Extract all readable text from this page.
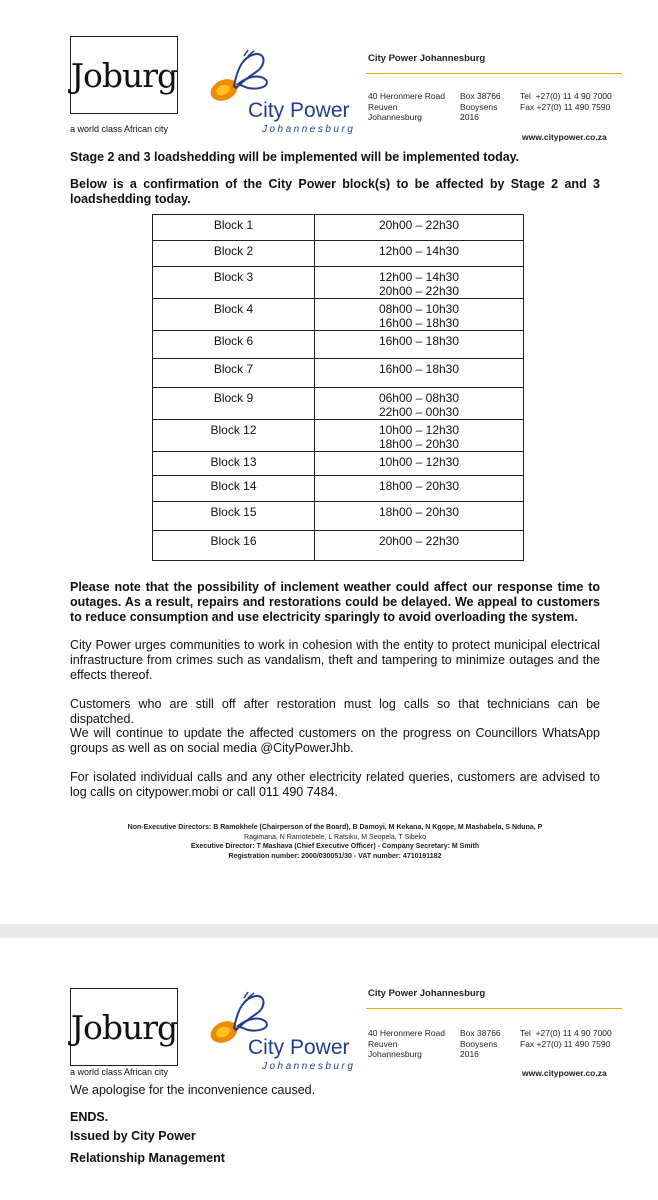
Joburg
a world class African city
City Power
Johannesburg
City Power Johannesburg
40 Heronmere Road
Reuven
Johannesburg
Box 38766
Booysens
2016
Tel  +27(0) 11 4 90 7000
Fax +27(0) 11 490 7590
www.citypower.co.za
Stage 2 and 3 loadshedding will be implemented will be implemented today.
Below is a confirmation of the City Power block(s) to be affected by Stage 2 and 3 loadshedding today.
Block 1	20h00 – 22h30
Block 2	12h00 – 14h30
Block 3	12h00 – 14h30
20h00 – 22h30
Block 4	08h00 – 10h30
16h00 – 18h30
Block 6	16h00 – 18h30
Block 7	16h00 – 18h30
Block 9	06h00 – 08h30
22h00 – 00h30
Block 12	10h00 – 12h30
18h00 – 20h30
Block 13	10h00 – 12h30
Block 14	18h00 – 20h30
Block 15	18h00 – 20h30
Block 16	20h00 – 22h30
Please note that the possibility of inclement weather could affect our response time to outages. As a result, repairs and restorations could be delayed. We appeal to customers to reduce consumption and use electricity sparingly to avoid overloading the system.
City Power urges communities to work in cohesion with the entity to protect municipal electrical infrastructure from crimes such as vandalism, theft and tampering to minimize outages and the effects thereof.
Customers who are still off after restoration must log calls so that technicians can be dispatched.
We will continue to update the affected customers on the progress on Councillors WhatsApp groups as well as on social media @CityPowerJhb.
For isolated individual calls and any other electricity related queries, customers are advised to log calls on citypower.mobi or call 011 490 7484.
Non-Executive Directors: B Ramokhele (Chairperson of the Board), B Damoyi, M Kekana, N Kgope, M Mashabela, S Nduna, P
Ragimana, N Ramotebele, L Ratsiku, M Seopela, T Sibeko
Executive Director: T Mashava (Chief Executive Officer) - Company Secretary: M Smith
Registration number: 2000/030051/30 - VAT number: 4710191182
Joburg
a world class African city
City Power
Johannesburg
City Power Johannesburg
40 Heronmere Road
Reuven
Johannesburg
Box 38766
Booysens
2016
Tel  +27(0) 11 4 90 7000
Fax +27(0) 11 490 7590
www.citypower.co.za
We apologise for the inconvenience caused.
ENDS.
Issued by City Power
Relationship Management
